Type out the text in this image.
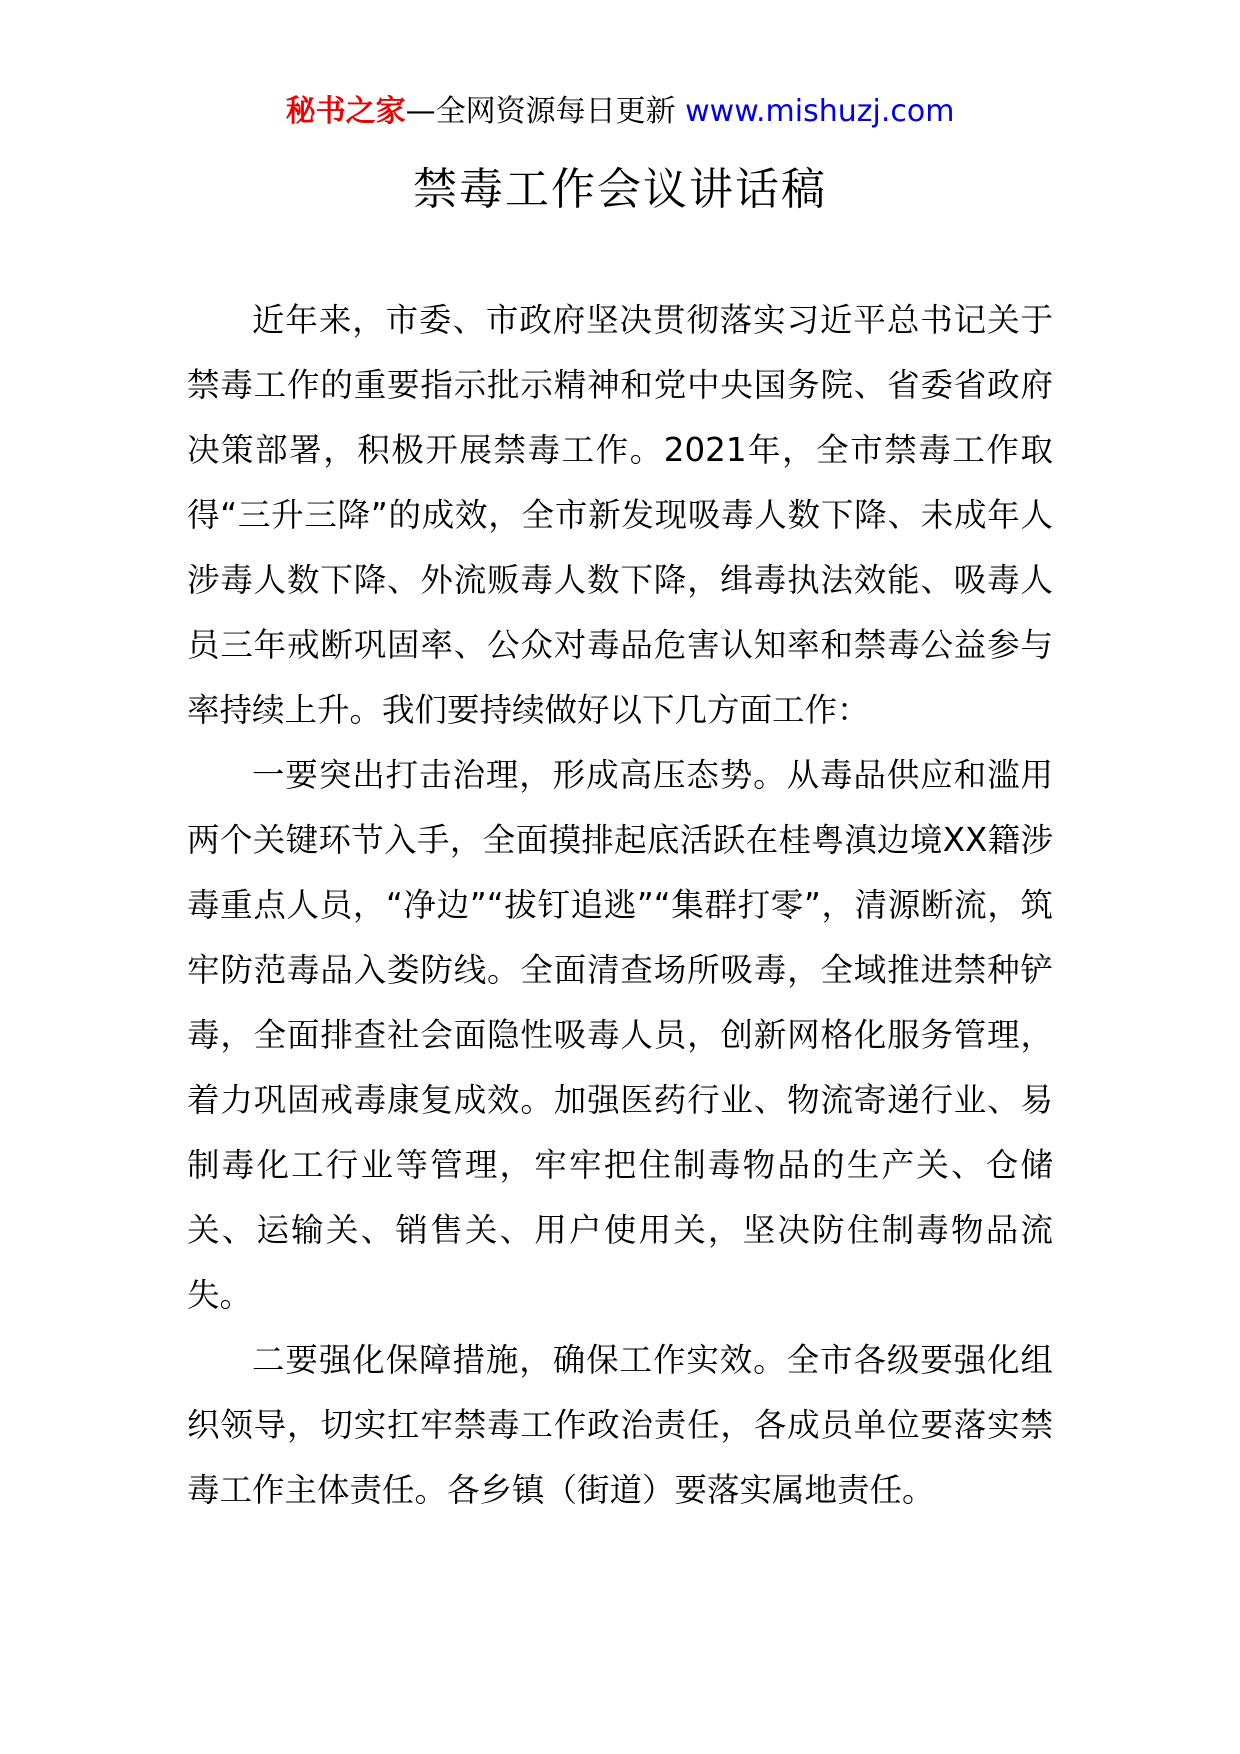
秘书之家—全网资源每日更新 www.mishuzj.com
禁毒工作会议讲话稿

近年来，市委、市政府坚决贯彻落实习近平总书记关于禁毒工作的重要指示批示精神和党中央国务院、省委省政府决策部署，积极开展禁毒工作。2021年，全市禁毒工作取得“三升三降”的成效，全市新发现吸毒人数下降、未成年人涉毒人数下降、外流贩毒人数下降，缉毒执法效能、吸毒人员三年戒断巩固率、公众对毒品危害认知率和禁毒公益参与率持续上升。我们要持续做好以下几方面工作：

一要突出打击治理，形成高压态势。从毒品供应和滥用两个关键环节入手，全面摸排起底活跃在桂粤滇边境XX籍涉毒重点人员，“净边”“拔钉追逃”“集群打零”，清源断流，筑牢防范毒品入娄防线。全面清查场所吸毒，全域推进禁种铲毒，全面排查社会面隐性吸毒人员，创新网格化服务管理，着力巩固戒毒康复成效。加强医药行业、物流寄递行业、易制毒化工行业等管理，牢牢把住制毒物品的生产关、仓储关、运输关、销售关、用户使用关，坚决防住制毒物品流失。

二要强化保障措施，确保工作实效。全市各级要强化组织领导，切实扛牢禁毒工作政治责任，各成员单位要落实禁毒工作主体责任。各乡镇（街道）要落实属地责任。
